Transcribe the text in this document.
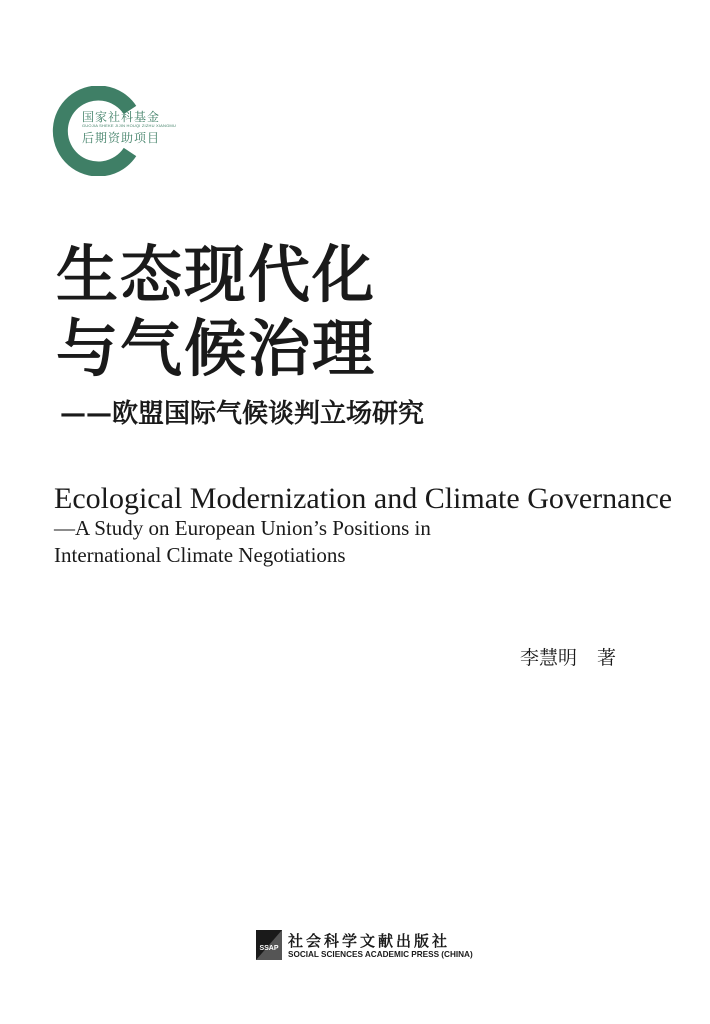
国家社科基金
GUOJIA SHEKE JIJIN HOUQI ZIZHU XIANGMU
后期资助项目
生态现代化
与气候治理
——欧盟国际气候谈判立场研究
Ecological Modernization and Climate Governance
—A Study on European Union’s Positions in
International Climate Negotiations
李慧明 著
SSAP 社会科学文献出版社
SOCIAL SCIENCES ACADEMIC PRESS (CHINA)
